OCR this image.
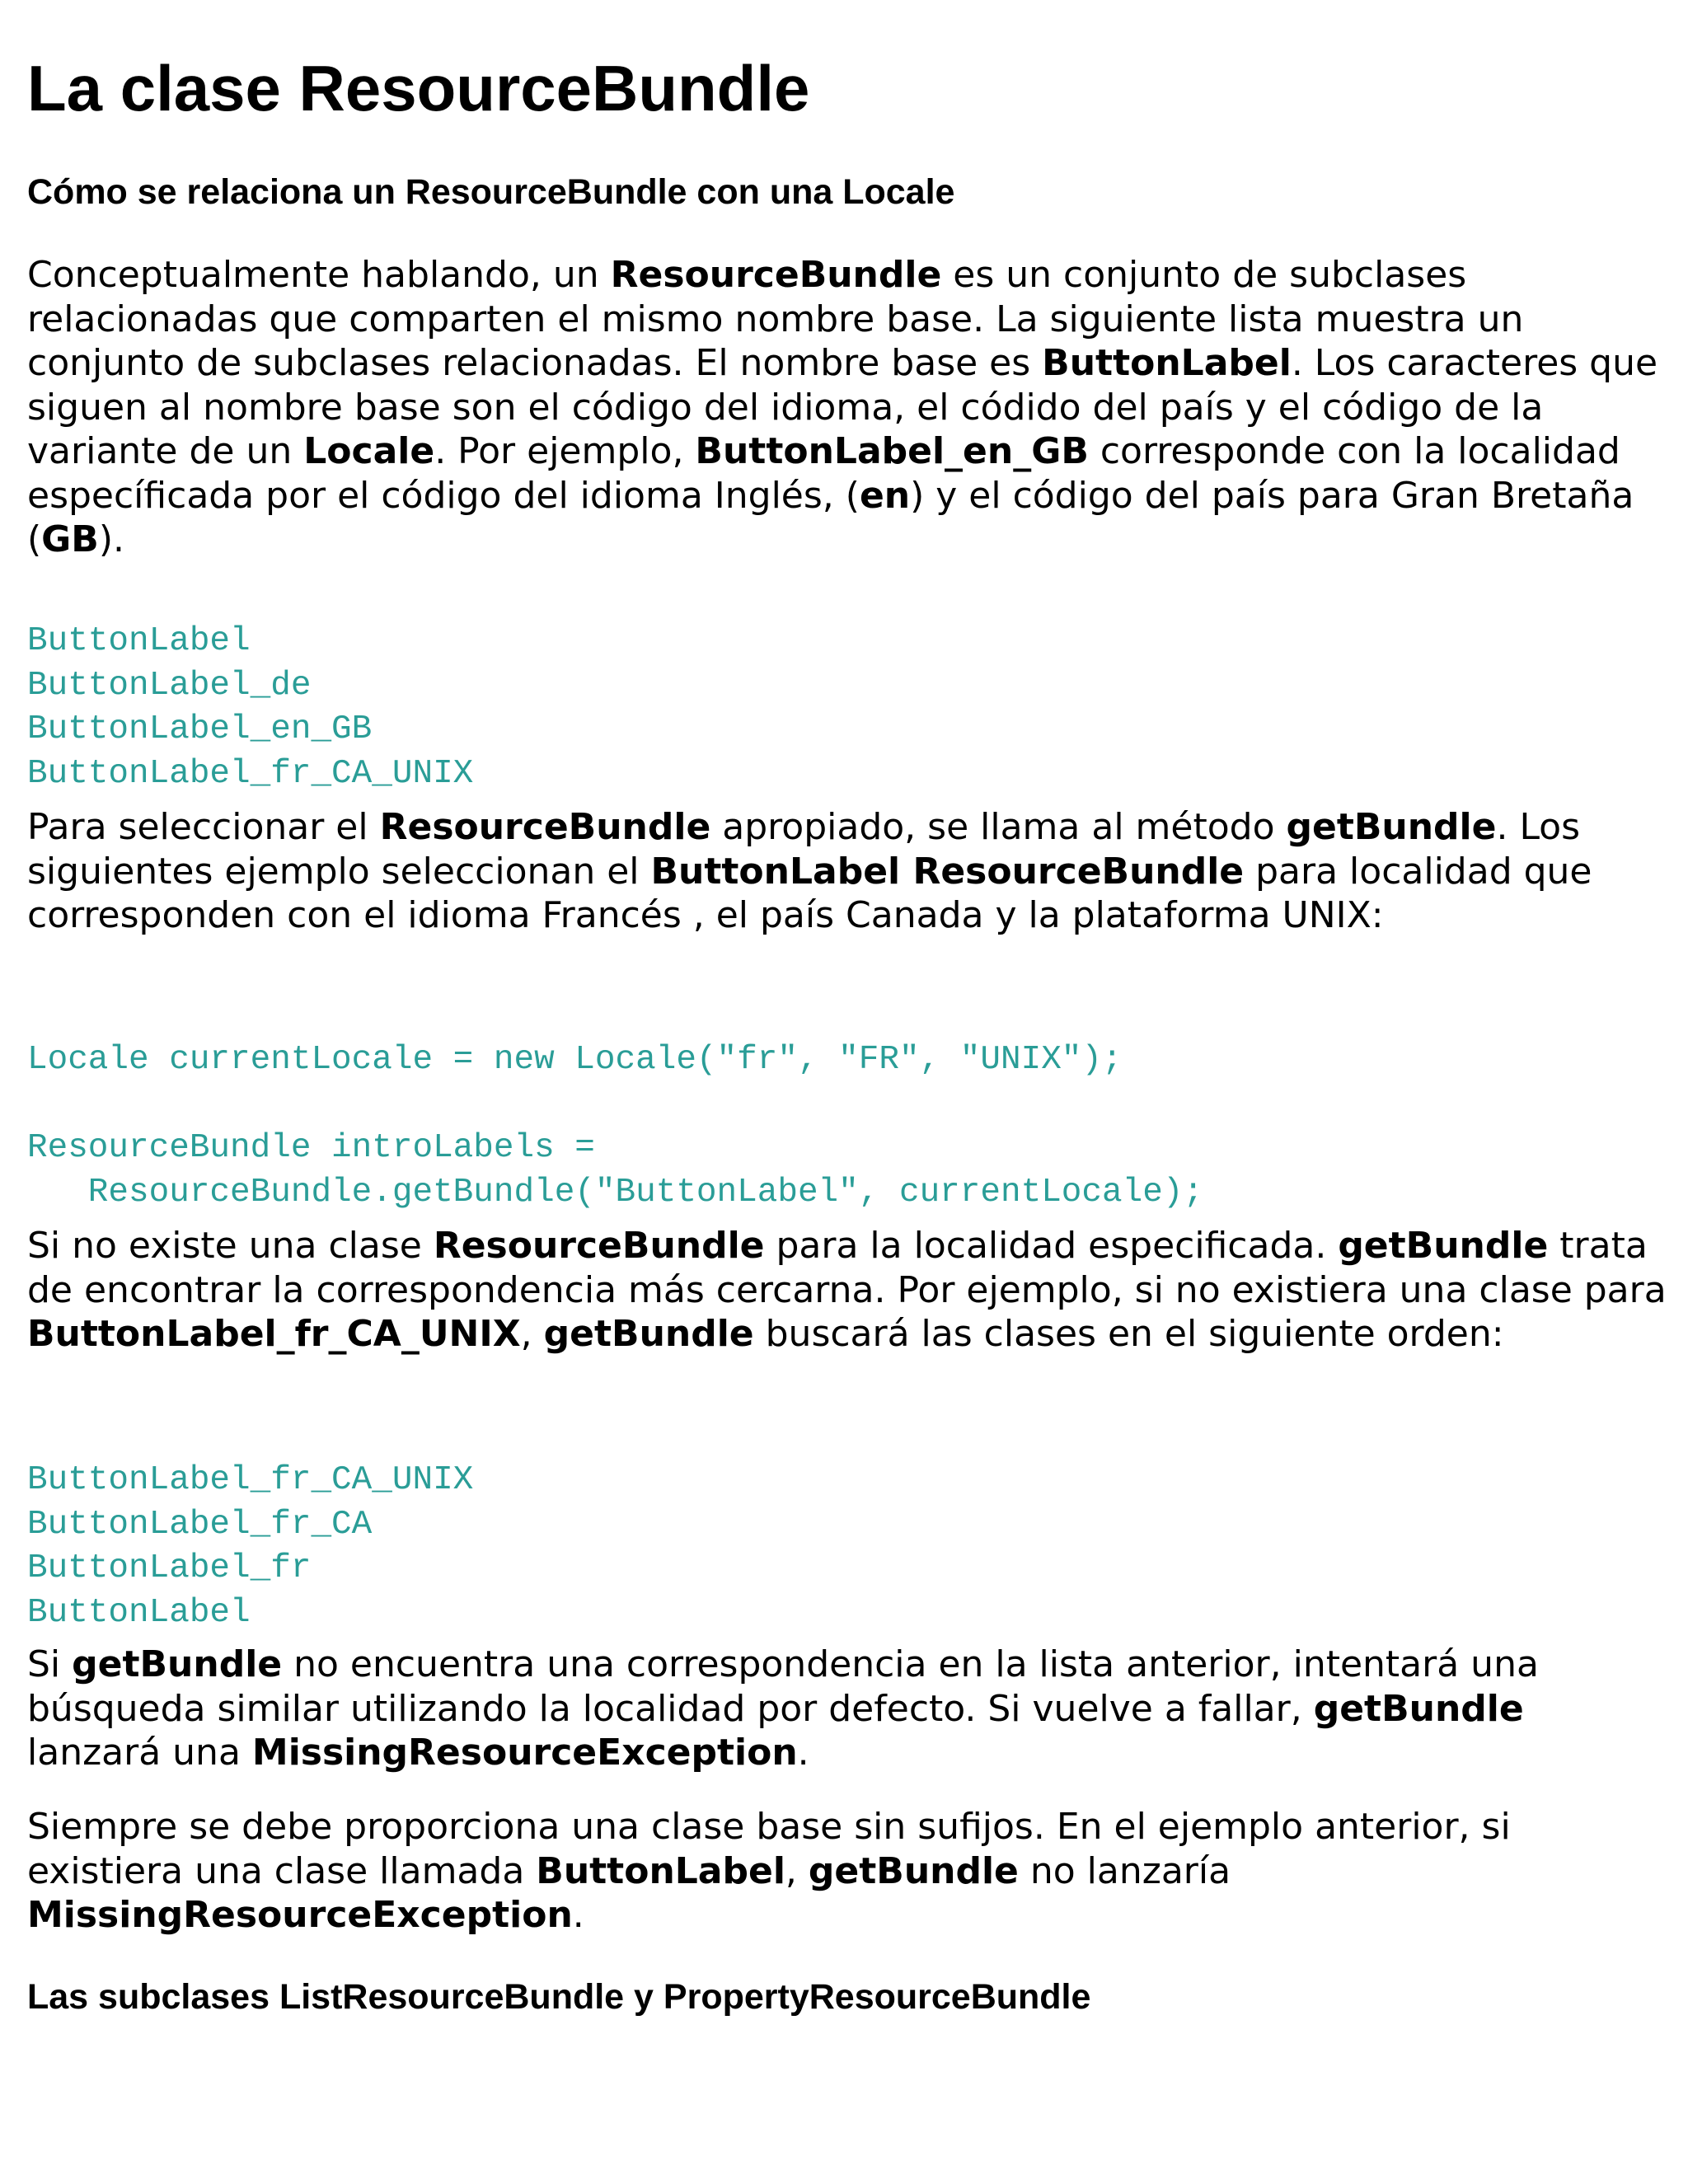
La clase ResourceBundle
Cómo se relaciona un ResourceBundle con una Locale

Conceptualmente hablando, un ResourceBundle es un conjunto de subclases relacionadas que comparten el mismo nombre base. La siguiente lista muestra un conjunto de subclases relacionadas. El nombre base es ButtonLabel. Los caracteres que siguen al nombre base son el código del idioma, el códido del país y el código de la variante de un Locale. Por ejemplo, ButtonLabel_en_GB corresponde con la localidad específicada por el código del idioma Inglés, (en) y el código del país para Gran Bretaña (GB).

ButtonLabel
ButtonLabel_de
ButtonLabel_en_GB
ButtonLabel_fr_CA_UNIX

Para seleccionar el ResourceBundle apropiado, se llama al método getBundle. Los siguientes ejemplo seleccionan el ButtonLabel ResourceBundle para localidad que corresponden con el idioma Francés , el país Canada y la plataforma UNIX:

Locale currentLocale = new Locale("fr", "FR", "UNIX");

ResourceBundle introLabels =
ResourceBundle.getBundle("ButtonLabel", currentLocale);

Si no existe una clase ResourceBundle para la localidad especificada. getBundle trata de encontrar la correspondencia más cercarna. Por ejemplo, si no existiera una clase para ButtonLabel_fr_CA_UNIX, getBundle buscará las clases en el siguiente orden:

ButtonLabel_fr_CA_UNIX
ButtonLabel_fr_CA
ButtonLabel_fr
ButtonLabel

Si getBundle no encuentra una correspondencia en la lista anterior, intentará una búsqueda similar utilizando la localidad por defecto. Si vuelve a fallar, getBundle lanzará una MissingResourceException.

Siempre se debe proporciona una clase base sin sufijos. En el ejemplo anterior, si existiera una clase llamada ButtonLabel, getBundle no lanzaría MissingResourceException.

Las subclases ListResourceBundle y PropertyResourceBundle
